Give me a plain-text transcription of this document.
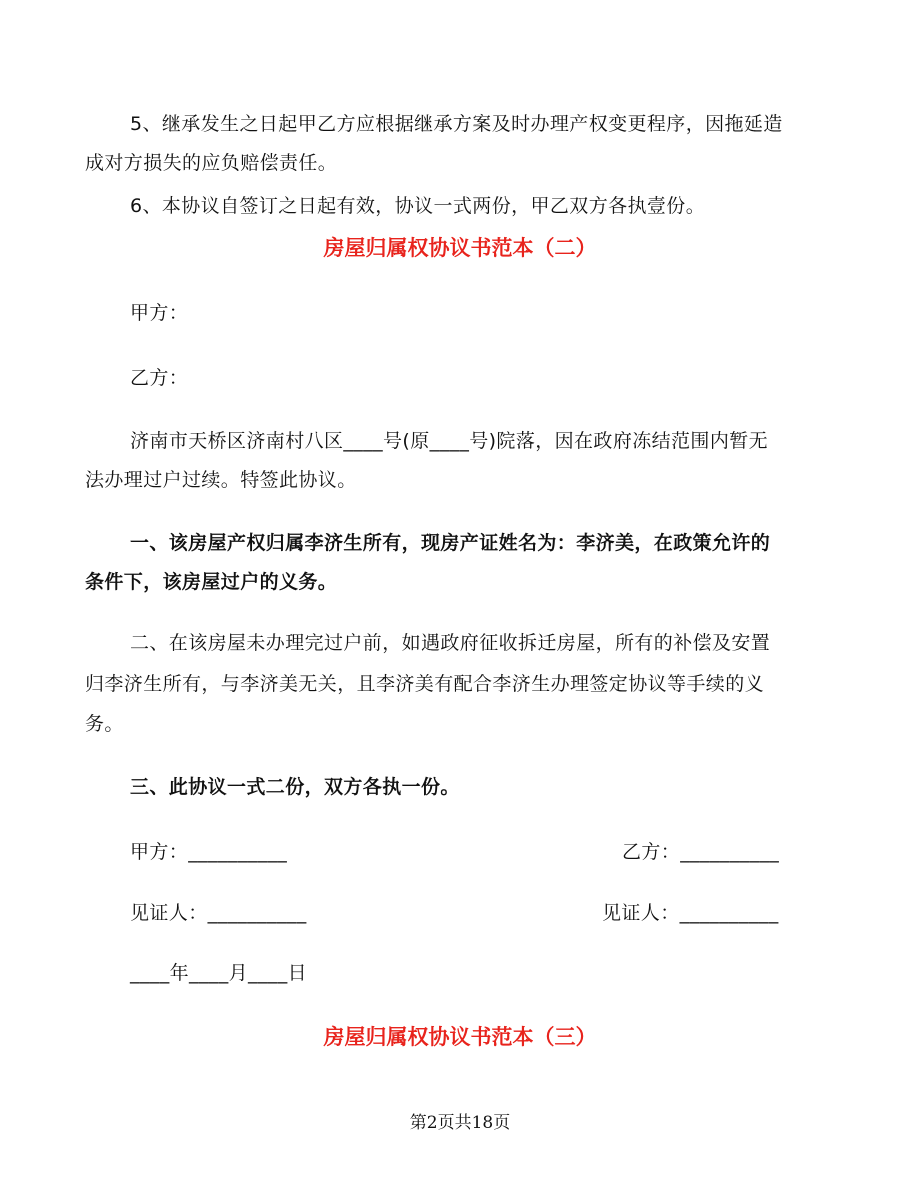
5、继承发生之日起甲乙方应根据继承方案及时办理产权变更程序，因拖延造
成对方损失的应负赔偿责任。
6、本协议自签订之日起有效，协议一式两份，甲乙双方各执壹份。
房屋归属权协议书范本（二）
甲方：
乙方：
济南市天桥区济南村八区____号(原____号)院落，因在政府冻结范围内暂无
法办理过户过续。特签此协议。
一、该房屋产权归属李济生所有，现房产证姓名为：李济美，在政策允许的
条件下，该房屋过户的义务。
二、在该房屋未办理完过户前，如遇政府征收拆迁房屋，所有的补偿及安置
归李济生所有，与李济美无关，且李济美有配合李济生办理签定协议等手续的义
务。
三、此协议一式二份，双方各执一份。
甲方：__________	乙方：__________
见证人：__________	见证人：__________
____年____月____日
房屋归属权协议书范本（三）
第2页共18页
